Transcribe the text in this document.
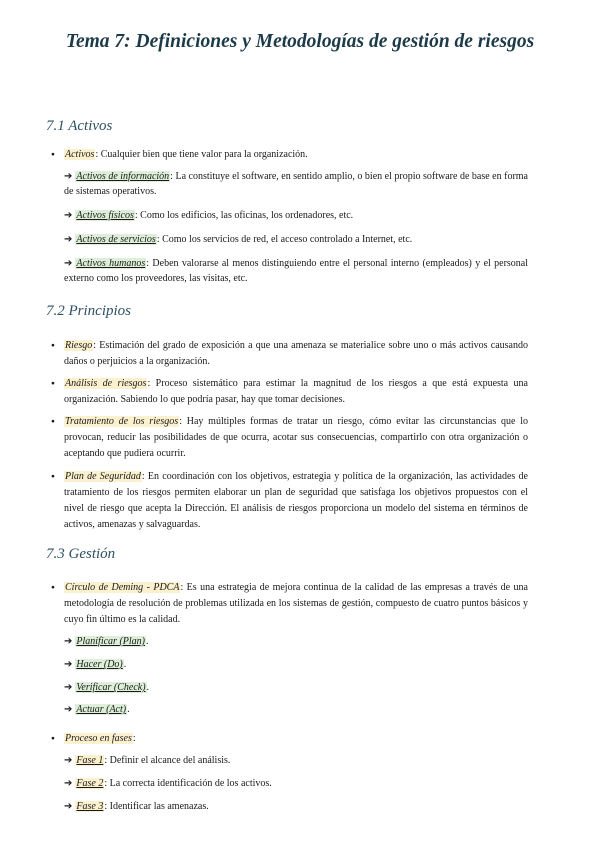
Tema 7: Definiciones y Metodologías de gestión de riesgos
7.1 Activos

● Activos: Cualquier bien que tiene valor para la organización.

➔ Activos de información: La constituye el software, en sentido amplio, o bien el propio software de base en forma de sistemas operativos.

➔ Activos físicos: Como los edificios, las oficinas, los ordenadores, etc.

➔ Activos de servicios: Como los servicios de red, el acceso controlado a Internet, etc.

➔ Activos humanos: Deben valorarse al menos distinguiendo entre el personal interno (empleados) y el personal externo como los proveedores, las visitas, etc.

7.2 Principios

● Riesgo: Estimación del grado de exposición a que una amenaza se materialice sobre uno o más activos causando daños o perjuicios a la organización.

● Análisis de riesgos: Proceso sistemático para estimar la magnitud de los riesgos a que está expuesta una organización. Sabiendo lo que podría pasar, hay que tomar decisiones.

● Tratamiento de los riesgos: Hay múltiples formas de tratar un riesgo, cómo evitar las circunstancias que lo provocan, reducir las posibilidades de que ocurra, acotar sus consecuencias, compartirlo con otra organización o aceptando que pudiera ocurrir.

● Plan de Seguridad: En coordinación con los objetivos, estrategia y política de la organización, las actividades de tratamiento de los riesgos permiten elaborar un plan de seguridad que satisfaga los objetivos propuestos con el nivel de riesgo que acepta la Dirección. El análisis de riesgos proporciona un modelo del sistema en términos de activos, amenazas y salvaguardas.

7.3 Gestión

● Círculo de Deming - PDCA: Es una estrategia de mejora continua de la calidad de las empresas a través de una metodología de resolución de problemas utilizada en los sistemas de gestión, compuesto de cuatro puntos básicos y cuyo fin último es la calidad.

➔ Planificar (Plan).

➔ Hacer (Do).

➔ Verificar (Check).

➔ Actuar (Act).

● Proceso en fases:

➔ Fase 1: Definir el alcance del análisis.

➔ Fase 2: La correcta identificación de los activos.

➔ Fase 3: Identificar las amenazas.
